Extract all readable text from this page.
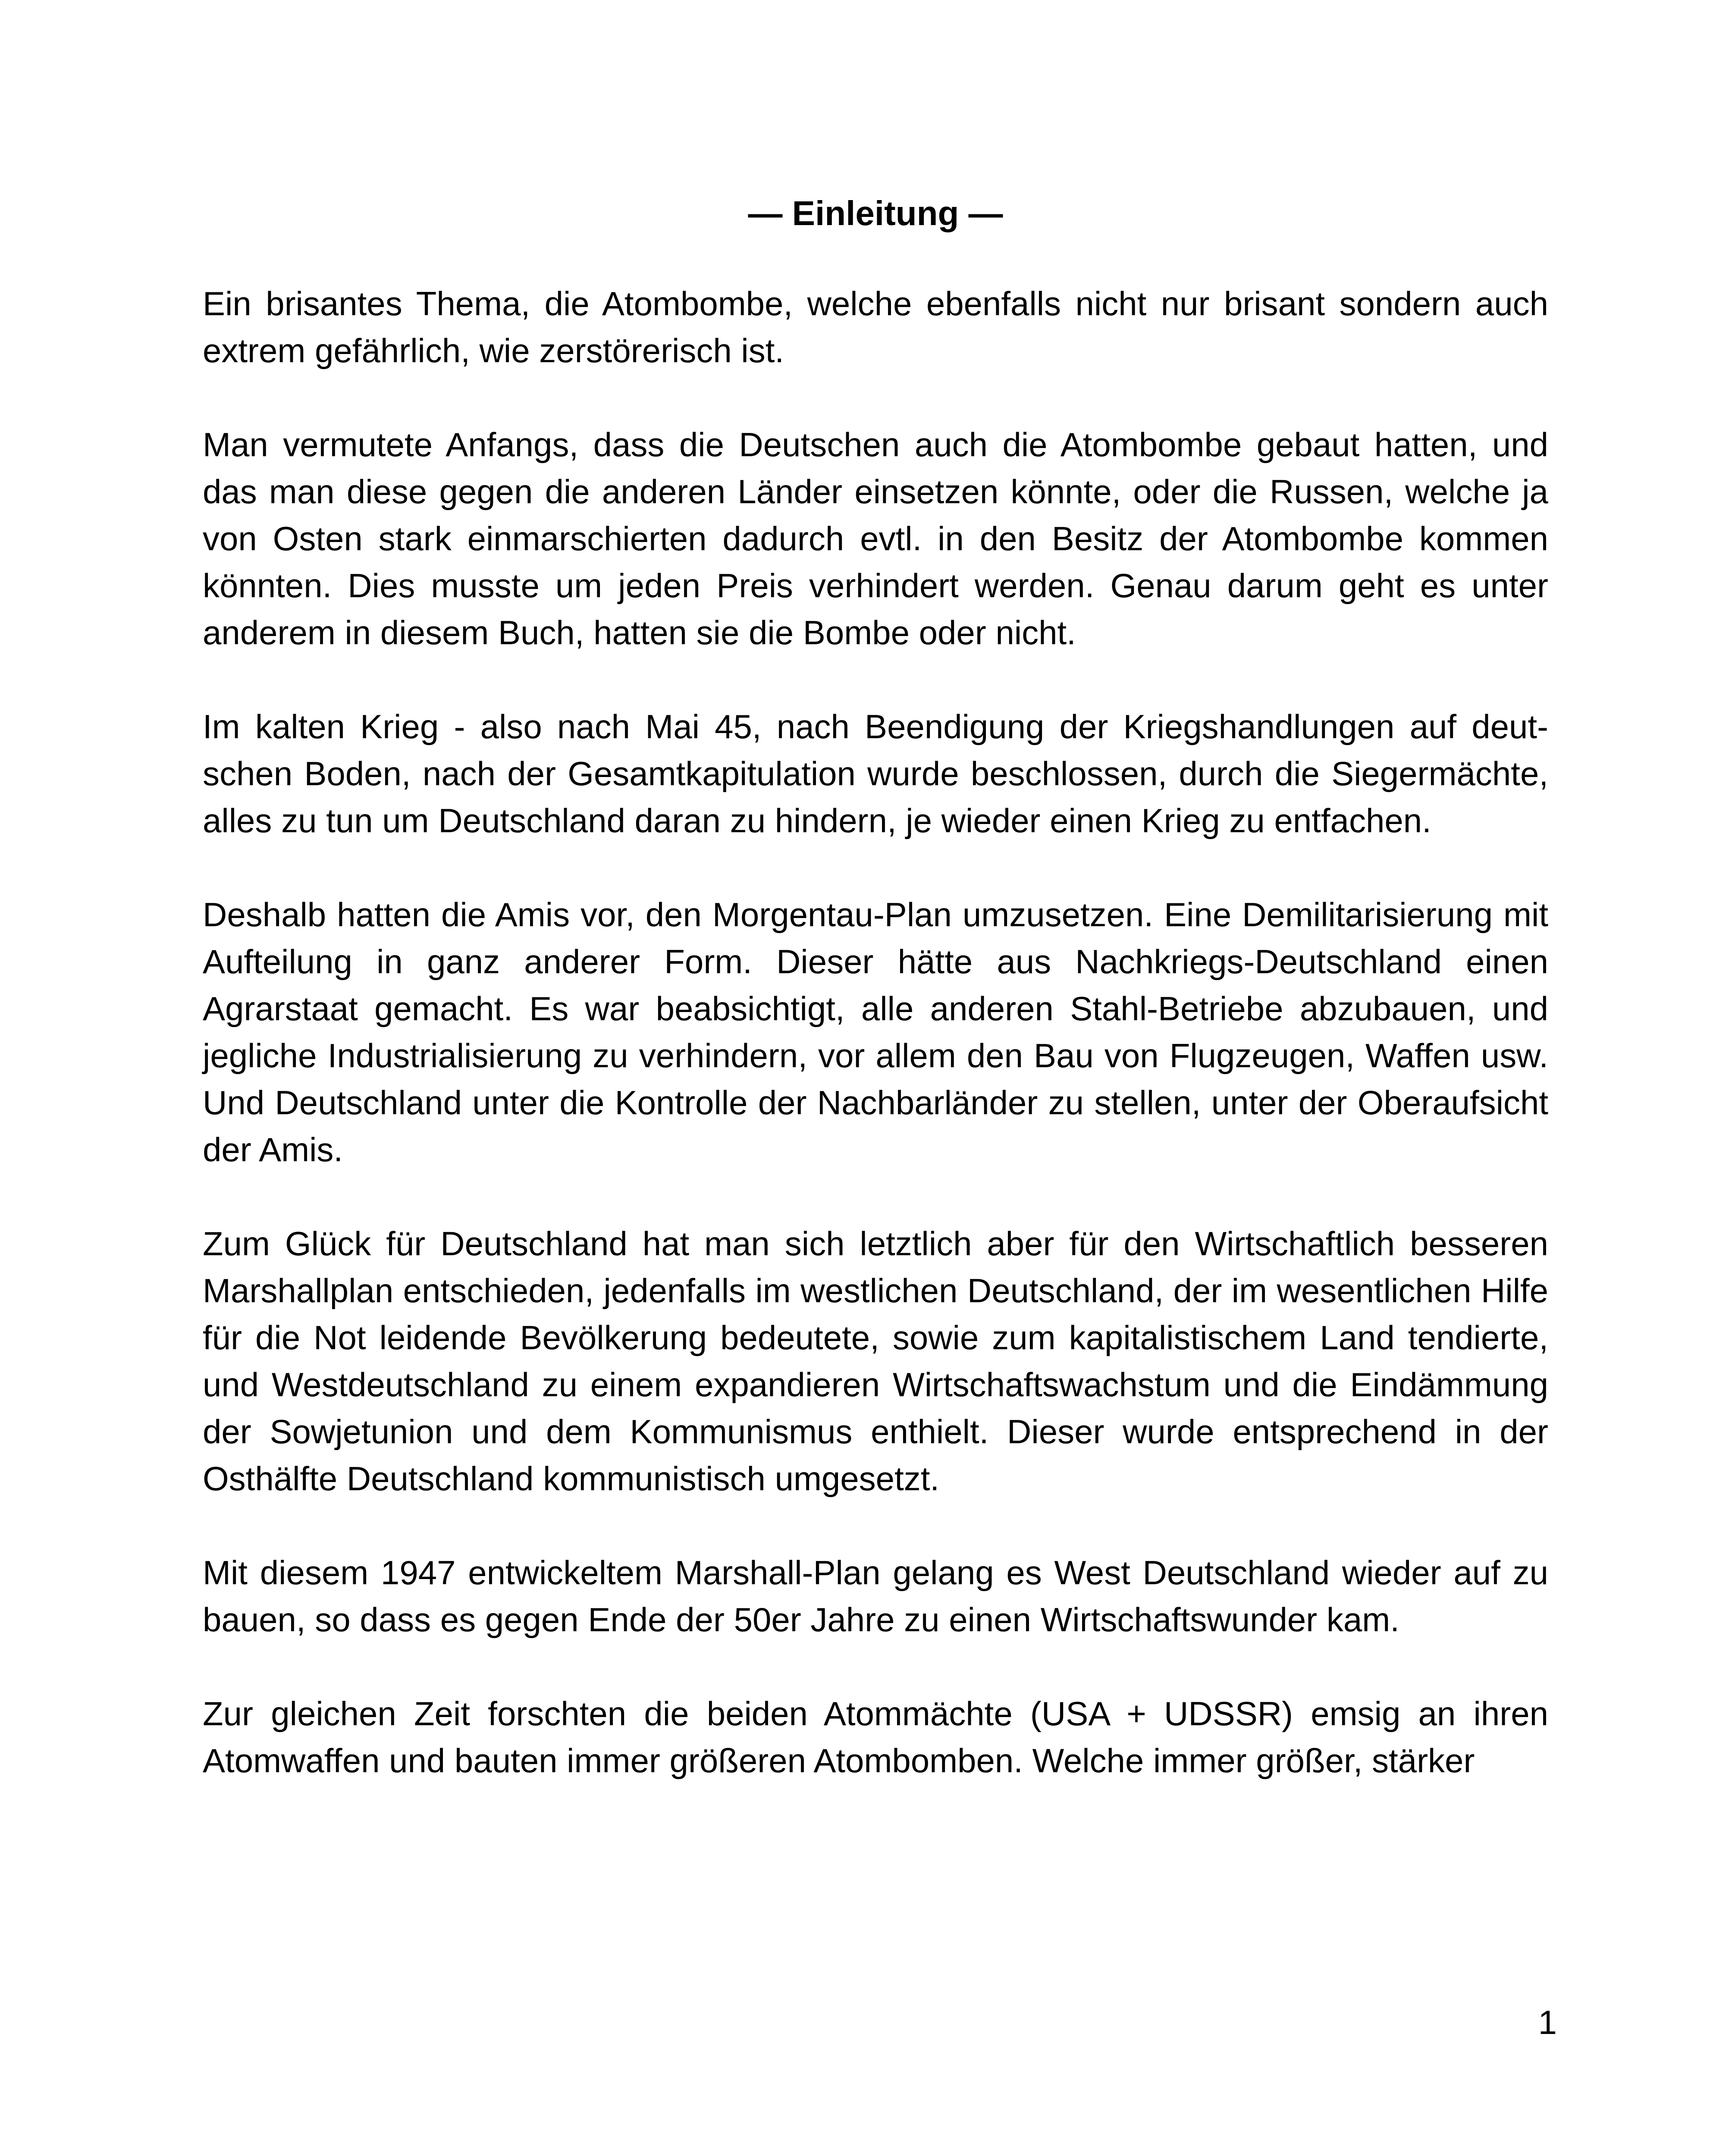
— Einleitung —

Ein brisantes Thema, die Atombombe, welche ebenfalls nicht nur brisant sondern auch extrem gefährlich, wie zerstörerisch ist.

Man vermutete Anfangs, dass die Deutschen auch die Atombombe gebaut hatten, und das man diese gegen die anderen Länder einsetzen könnte, oder die Russen, welche ja von Osten stark einmarschierten dadurch evtl. in den Besitz der Atombombe kommen könnten. Dies musste um jeden Preis verhindert werden. Genau darum geht es unter anderem in diesem Buch, hatten sie die Bombe oder nicht.

Im kalten Krieg - also nach Mai 45, nach Beendigung der Kriegshandlungen auf deutschen Boden, nach der Gesamtkapitulation wurde beschlossen, durch die Siegermächte, alles zu tun um Deutschland daran zu hindern, je wieder einen Krieg zu entfachen.

Deshalb hatten die Amis vor, den Morgentau-Plan umzusetzen. Eine Demilitarisierung mit Aufteilung in ganz anderer Form. Dieser hätte aus Nachkriegs-Deutschland einen Agrarstaat gemacht. Es war beabsichtigt, alle anderen Stahl-Betriebe abzubauen, und jegliche Industrialisierung zu verhindern, vor allem den Bau von Flugzeugen, Waffen usw. Und Deutschland unter die Kontrolle der Nachbarländer zu stellen, unter der Oberaufsicht der Amis.

Zum Glück für Deutschland hat man sich letztlich aber für den Wirtschaftlich besseren Marshallplan entschieden, jedenfalls im westlichen Deutschland, der im wesentlichen Hilfe für die Not leidende Bevölkerung bedeutete, sowie zum kapitalistischem Land tendierte, und Westdeutschland zu einem expandieren Wirtschaftswachstum und die Eindämmung der Sowjetunion und dem Kommunismus enthielt. Dieser wurde entsprechend in der Osthälfte Deutschland kommunistisch umgesetzt.

Mit diesem 1947 entwickeltem Marshall-Plan gelang es West Deutschland wieder auf zu bauen, so dass es gegen Ende der 50er Jahre zu einen Wirtschaftswunder kam.

Zur gleichen Zeit forschten die beiden Atommächte (USA + UDSSR) emsig an ihren Atomwaffen und bauten immer größeren Atombomben. Welche immer größer, stärker

1
